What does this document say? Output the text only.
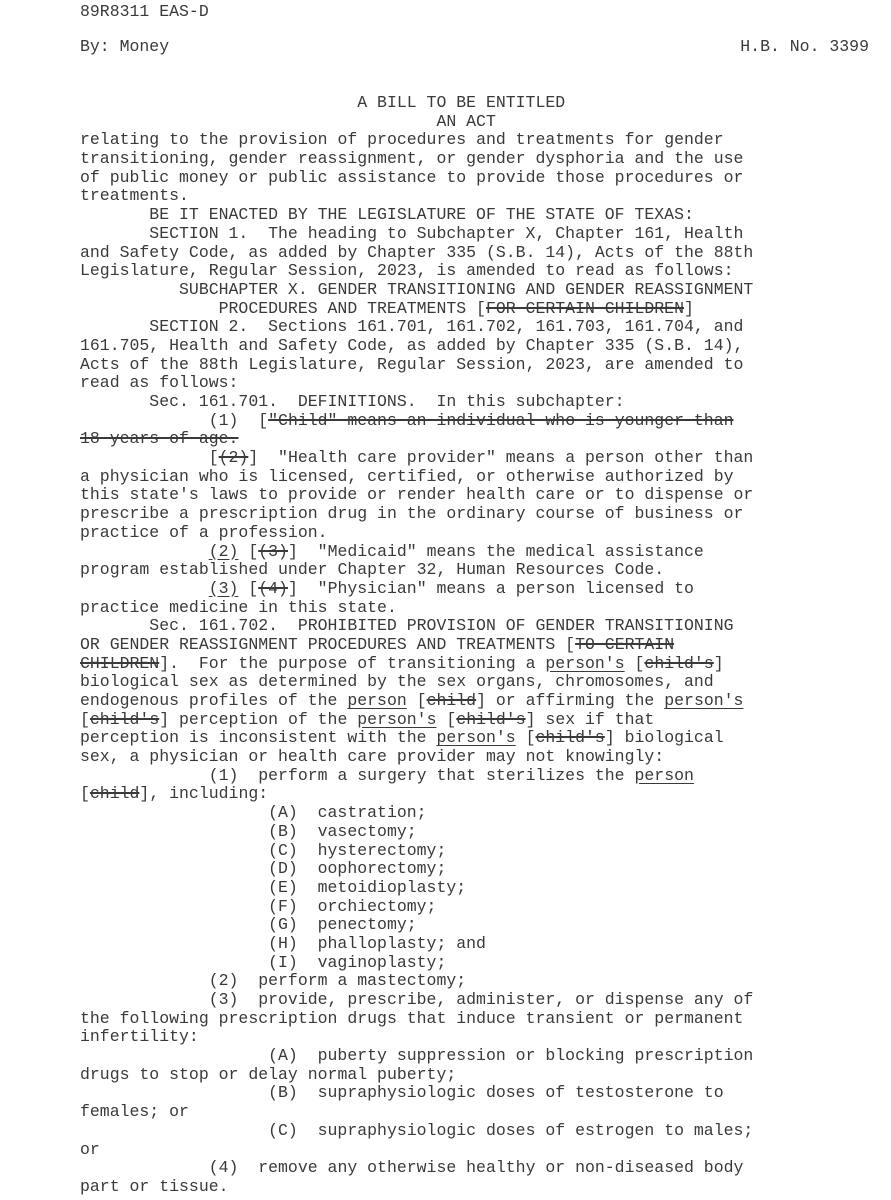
89R8311 EAS-D
By: Money	H.B. No. 3399
A BILL TO BE ENTITLED
AN ACT
relating to the provision of procedures and treatments for gender
transitioning, gender reassignment, or gender dysphoria and the use
of public money or public assistance to provide those procedures or
treatments.
BE IT ENACTED BY THE LEGISLATURE OF THE STATE OF TEXAS:
SECTION 1.  The heading to Subchapter X, Chapter 161, Health
and Safety Code, as added by Chapter 335 (S.B. 14), Acts of the 88th
Legislature, Regular Session, 2023, is amended to read as follows:
SUBCHAPTER X. GENDER TRANSITIONING AND GENDER REASSIGNMENT
PROCEDURES AND TREATMENTS [FOR CERTAIN CHILDREN]
SECTION 2.  Sections 161.701, 161.702, 161.703, 161.704, and
161.705, Health and Safety Code, as added by Chapter 335 (S.B. 14),
Acts of the 88th Legislature, Regular Session, 2023, are amended to
read as follows:
Sec. 161.701.  DEFINITIONS.  In this subchapter:
(1)  ["Child" means an individual who is younger than
18 years of age.
[(2)]  "Health care provider" means a person other than
a physician who is licensed, certified, or otherwise authorized by
this state's laws to provide or render health care or to dispense or
prescribe a prescription drug in the ordinary course of business or
practice of a profession.
(2) [(3)]  "Medicaid" means the medical assistance
program established under Chapter 32, Human Resources Code.
(3) [(4)]  "Physician" means a person licensed to
practice medicine in this state.
Sec. 161.702.  PROHIBITED PROVISION OF GENDER TRANSITIONING
OR GENDER REASSIGNMENT PROCEDURES AND TREATMENTS [TO CERTAIN
CHILDREN].  For the purpose of transitioning a person's [child's]
biological sex as determined by the sex organs, chromosomes, and
endogenous profiles of the person [child] or affirming the person's
[child's] perception of the person's [child's] sex if that
perception is inconsistent with the person's [child's] biological
sex, a physician or health care provider may not knowingly:
(1)  perform a surgery that sterilizes the person
[child], including:
(A)  castration;
(B)  vasectomy;
(C)  hysterectomy;
(D)  oophorectomy;
(E)  metoidioplasty;
(F)  orchiectomy;
(G)  penectomy;
(H)  phalloplasty; and
(I)  vaginoplasty;
(2)  perform a mastectomy;
(3)  provide, prescribe, administer, or dispense any of
the following prescription drugs that induce transient or permanent
infertility:
(A)  puberty suppression or blocking prescription
drugs to stop or delay normal puberty;
(B)  supraphysiologic doses of testosterone to
females; or
(C)  supraphysiologic doses of estrogen to males;
or
(4)  remove any otherwise healthy or non-diseased body
part or tissue.
